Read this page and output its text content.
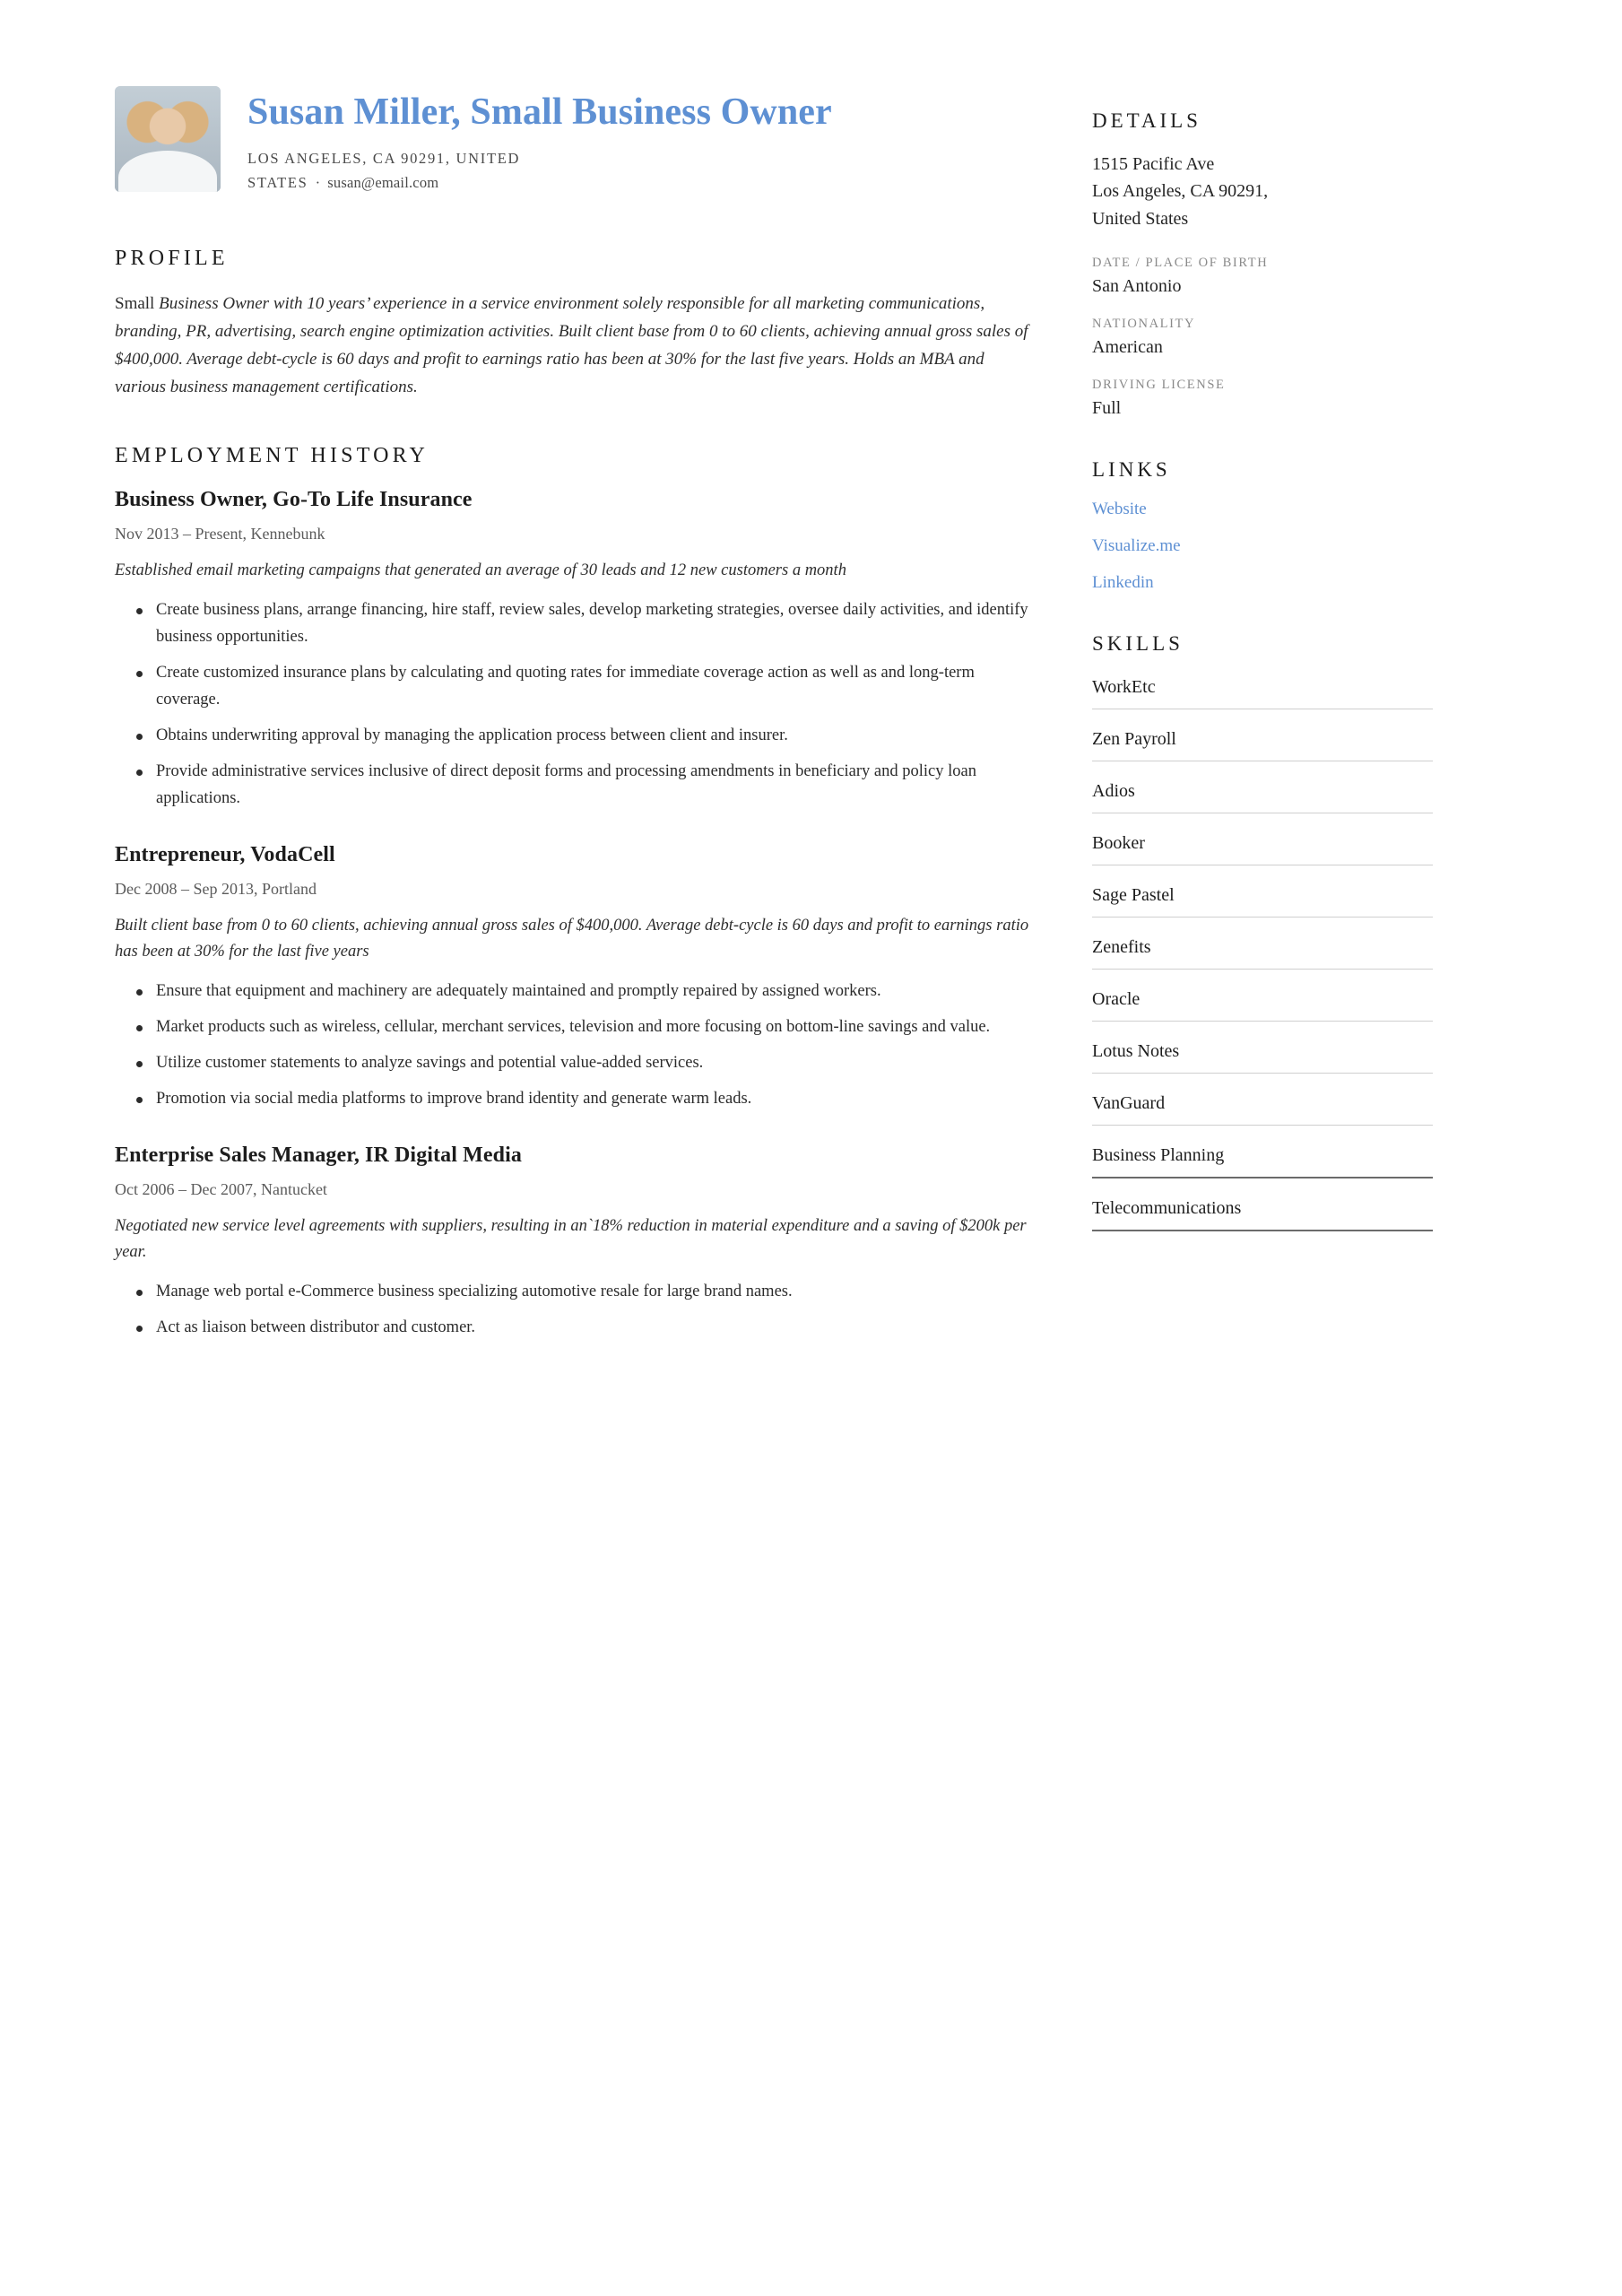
Susan Miller, Small Business Owner
LOS ANGELES, CA 90291, UNITED STATES · susan@email.com
PROFILE

Small Business Owner with 10 years’ experience in a service environment solely responsible for all marketing communications, branding, PR, advertising, search engine optimization activities. Built client base from 0 to 60 clients, achieving annual gross sales of $400,000. Average debt-cycle is 60 days and profit to earnings ratio has been at 30% for the last five years. Holds an MBA and various business management certifications.

EMPLOYMENT HISTORY
Business Owner, Go-To Life Insurance

Nov 2013 – Present, Kennebunk

Established email marketing campaigns that generated an average of 30 leads and 12 new customers a month

Create business plans, arrange financing, hire staff, review sales, develop marketing strategies, oversee daily activities, and identify business opportunities.
Create customized insurance plans by calculating and quoting rates for immediate coverage action as well as and long-term coverage.
Obtains underwriting approval by managing the application process between client and insurer.
Provide administrative services inclusive of direct deposit forms and processing amendments in beneficiary and policy loan applications.
Entrepreneur, VodaCell

Dec 2008 – Sep 2013, Portland

Built client base from 0 to 60 clients, achieving annual gross sales of $400,000. Average debt-cycle is 60 days and profit to earnings ratio has been at 30% for the last five years

Ensure that equipment and machinery are adequately maintained and promptly repaired by assigned workers.
Market products such as wireless, cellular, merchant services, television and more focusing on bottom-line savings and value.
Utilize customer statements to analyze savings and potential value-added services.
Promotion via social media platforms to improve brand identity and generate warm leads.
Enterprise Sales Manager, IR Digital Media

Oct 2006 – Dec 2007, Nantucket

Negotiated new service level agreements with suppliers, resulting in an`18% reduction in material expenditure and a saving of $200k per year.

Manage web portal e-Commerce business specializing automotive resale for large brand names.
Act as liaison between distributor and customer.
DETAILS

1515 Pacific Ave
Los Angeles, CA 90291,
United States

DATE / PLACE OF BIRTH

San Antonio

NATIONALITY

American

DRIVING LICENSE

Full

LINKS
Website
Visualize.me
Linkedin
SKILLS
WorkEtc
Zen Payroll
Adios
Booker
Sage Pastel
Zenefits
Oracle
Lotus Notes
VanGuard
Business Planning
Telecommunications
